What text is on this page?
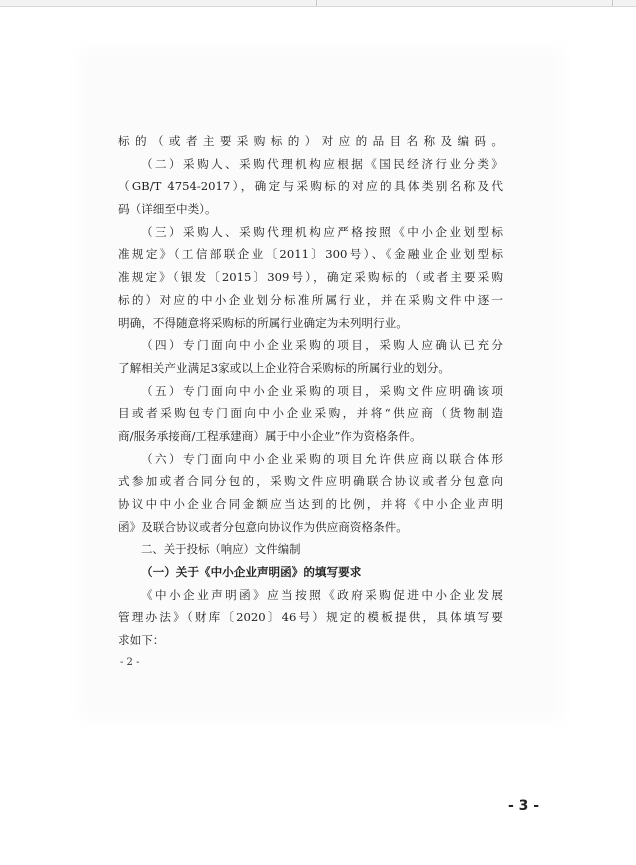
标的（或者主要采购标的）对应的品目名称及编码。
（二）采购人、采购代理机构应根据《国民经济行业分类》
（GB/T 4754-2017），确定与采购标的对应的具体类别名称及代
码（详细至中类）。
（三）采购人、采购代理机构应严格按照《中小企业划型标
准规定》（工信部联企业〔2011〕300号）、《金融业企业划型标
准规定》（银发〔2015〕309号），确定采购标的（或者主要采购
标的）对应的中小企业划分标准所属行业，并在采购文件中逐一
明确，不得随意将采购标的所属行业确定为未列明行业。
（四）专门面向中小企业采购的项目，采购人应确认已充分
了解相关产业满足3家或以上企业符合采购标的所属行业的划分。
（五）专门面向中小企业采购的项目，采购文件应明确该项
目或者采购包专门面向中小企业采购，并将“供应商（货物制造
商/服务承接商/工程承建商）属于中小企业”作为资格条件。
（六）专门面向中小企业采购的项目允许供应商以联合体形
式参加或者合同分包的，采购文件应明确联合协议或者分包意向
协议中中小企业合同金额应当达到的比例，并将《中小企业声明
函》及联合协议或者分包意向协议作为供应商资格条件。
二、关于投标（响应）文件编制
（一）关于《中小企业声明函》的填写要求
《中小企业声明函》应当按照《政府采购促进中小企业发展
管理办法》（财库〔2020〕46号）规定的模板提供，具体填写要
求如下：
- 2 -
- 3 -
